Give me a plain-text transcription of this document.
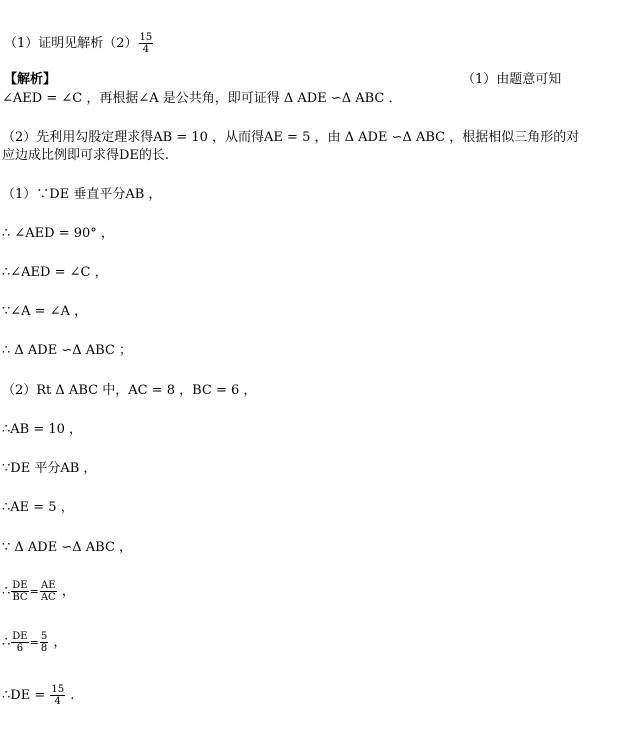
（1）证明见解析$(2) \frac{15}{4}$
【解析】	（1）由题意可知
∠AED = ∠C ，再根据∠A 是公共角，即可证得 Δ ADE ∽Δ ABC ．
（2）先利用勾股定理求得AB = 10 ，从而得AE = 5 ，由 Δ ADE ∽Δ ABC ，根据相似三角形的对
应边成比例即可求得DE的长.
（1）∵DE 垂直平分AB ，
∴ ∠AED = 90° ，
∴∠AED = ∠C ，
∵∠A = ∠A ，
∴ Δ ADE ∽Δ ABC ；
（2）Rt Δ ABC 中，AC = 8 ，BC = 6 ，
∴AB = 10 ，
∵DE 平分AB ，
∴AE = 5 ，
∵ Δ ADE ∽Δ ABC ，
∴ $\frac{DE}{BC} = \frac{AE}{AC}$ ，
∴ $\frac{DE}{6} = \frac{5}{8}$ ，
∴DE = $\frac{15}{4}$ .
